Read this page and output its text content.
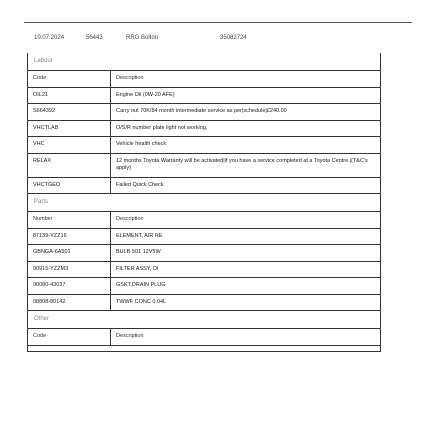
10.07.2024	56443	RRG Bolton	35082724
Labour
Code	Description
OIL21	Engine Oil (0W-20 AFE)
S664392	Carry out 70K/84 month intermediate service as per|schedule|£240.00
VHCTLAB	O/S/R number plate light not working.
VHC	Vehicle health check
RELAX	12 months Toyota Warranty will be activated|if you have a service completed at a Toyota Centre.|(T&C's apply)
VHCTGEO	Failed Quick Check
Parts
Number	Description
87139-YZZ16	ELEMENT, AIR RE
GBNGA-6A501	BULB 501 12V5W
90915-YZZM3	FILTER ASSY, OI
90080-43037	GSKT,DRAIN PLUG
08808-80142	TWWF CONC 0.04L
Other
Code	Description
